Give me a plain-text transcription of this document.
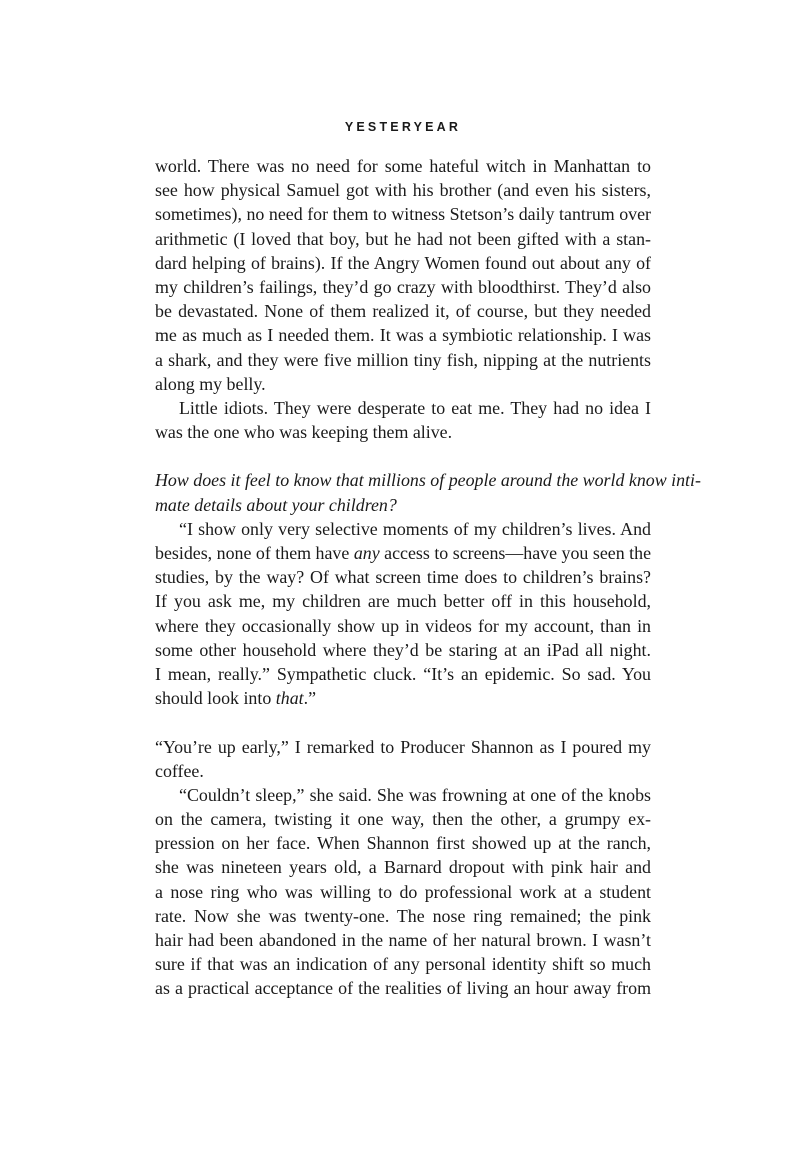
YESTERYEAR
world. There was no need for some hateful witch in Manhattan to
see how physical Samuel got with his brother (and even his sisters,
sometimes), no need for them to witness Stetson’s daily tantrum over
arithmetic (I loved that boy, but he had not been gifted with a stan-
dard helping of brains). If the Angry Women found out about any of
my children’s failings, they’d go crazy with bloodthirst. They’d also
be devastated. None of them realized it, of course, but they needed
me as much as I needed them. It was a symbiotic relationship. I was
a shark, and they were five million tiny fish, nipping at the nutrients
along my belly.
Little idiots. They were desperate to eat me. They had no idea I
was the one who was keeping them alive.
How does it feel to know that millions of people around the world know inti-
mate details about your children?
“I show only very selective moments of my children’s lives. And
besides, none of them have any access to screens—have you seen the
studies, by the way? Of what screen time does to children’s brains?
If you ask me, my children are much better off in this household,
where they occasionally show up in videos for my account, than in
some other household where they’d be staring at an iPad all night.
I mean, really.” Sympathetic cluck. “It’s an epidemic. So sad. You
should look into that.”
“You’re up early,” I remarked to Producer Shannon as I poured my
coffee.
“Couldn’t sleep,” she said. She was frowning at one of the knobs
on the camera, twisting it one way, then the other, a grumpy ex-
pression on her face. When Shannon first showed up at the ranch,
she was nineteen years old, a Barnard dropout with pink hair and
a nose ring who was willing to do professional work at a student
rate. Now she was twenty-one. The nose ring remained; the pink
hair had been abandoned in the name of her natural brown. I wasn’t
sure if that was an indication of any personal identity shift so much
as a practical acceptance of the realities of living an hour away from
